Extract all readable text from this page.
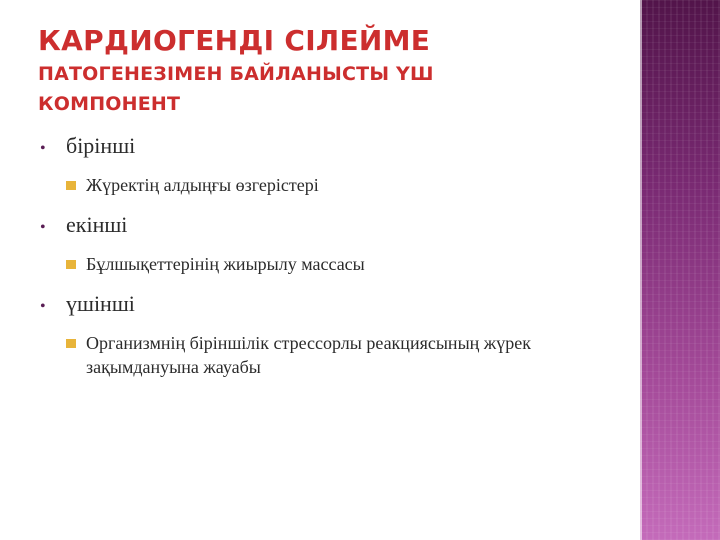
КАРДИОГЕНДІ СІЛЕЙМЕ
ПАТОГЕНЕЗІМЕН БАЙЛАНЫСТЫ ҮШ
КОМПОНЕНТ
• бірінші
Жүректің алдыңғы өзгерістері
• екінші
Бұлшықеттерінің жиырылу массасы
• үшінші
Организмнің біріншілік стрессорлы реакциясының жүрек зақымдануына жауабы
